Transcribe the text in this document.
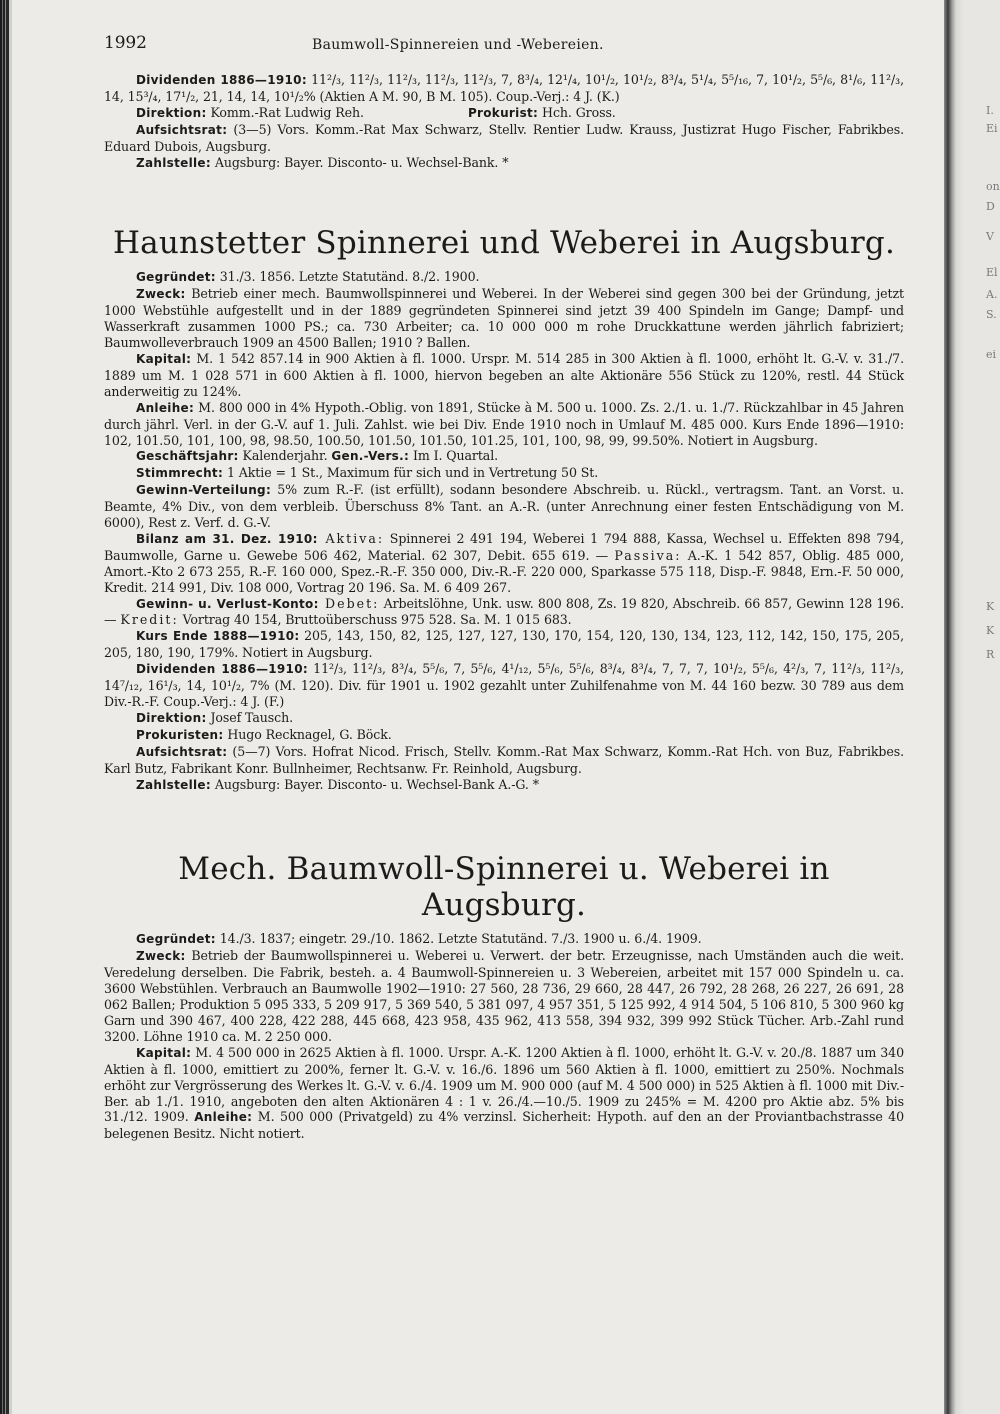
I.
Ei
on
D
V
El
A.
S.
ei
K
K
R
1992	Baumwoll-Spinnereien und -Webereien.

Dividenden 1886—1910: 11²/₃, 11²/₃, 11²/₃, 11²/₃, 11²/₃, 7, 8³/₄, 12¹/₄, 10¹/₂, 10¹/₂, 8³/₄, 5¹/₄, 5⁵/₁₆, 7, 10¹/₂, 5⁵/₆, 8¹/₆, 11²/₃, 14, 15³/₄, 17¹/₂, 21, 14, 14, 10¹/₂% (Aktien A M. 90, B M. 105). Coup.-Verj.: 4 J. (K.)

Direktion: Komm.-Rat Ludwig Reh.	Prokurist: Hch. Gross.

Aufsichtsrat: (3—5) Vors. Komm.-Rat Max Schwarz, Stellv. Rentier Ludw. Krauss, Justizrat Hugo Fischer, Fabrikbes. Eduard Dubois, Augsburg.

Zahlstelle: Augsburg: Bayer. Disconto- u. Wechsel-Bank. *

Haunstetter Spinnerei und Weberei in Augsburg.

Gegründet: 31./3. 1856. Letzte Statutänd. 8./2. 1900.

Zweck: Betrieb einer mech. Baumwollspinnerei und Weberei. In der Weberei sind gegen 300 bei der Gründung, jetzt 1000 Webstühle aufgestellt und in der 1889 gegründeten Spinnerei sind jetzt 39 400 Spindeln im Gange; Dampf- und Wasserkraft zusammen 1000 PS.; ca. 730 Arbeiter; ca. 10 000 000 m rohe Druckkattune werden jährlich fabriziert; Baumwolleverbrauch 1909 an 4500 Ballen; 1910 ? Ballen.

Kapital: M. 1 542 857.14 in 900 Aktien à fl. 1000. Urspr. M. 514 285 in 300 Aktien à fl. 1000, erhöht lt. G.-V. v. 31./7. 1889 um M. 1 028 571 in 600 Aktien à fl. 1000, hiervon begeben an alte Aktionäre 556 Stück zu 120%, restl. 44 Stück anderweitig zu 124%.

Anleihe: M. 800 000 in 4% Hypoth.-Oblig. von 1891, Stücke à M. 500 u. 1000. Zs. 2./1. u. 1./7. Rückzahlbar in 45 Jahren durch jährl. Verl. in der G.-V. auf 1. Juli. Zahlst. wie bei Div. Ende 1910 noch in Umlauf M. 485 000. Kurs Ende 1896—1910: 102, 101.50, 101, 100, 98, 98.50, 100.50, 101.50, 101.50, 101.25, 101, 100, 98, 99, 99.50%. Notiert in Augsburg.

Geschäftsjahr: Kalenderjahr. Gen.-Vers.: Im I. Quartal.

Stimmrecht: 1 Aktie = 1 St., Maximum für sich und in Vertretung 50 St.

Gewinn-Verteilung: 5% zum R.-F. (ist erfüllt), sodann besondere Abschreib. u. Rückl., vertragsm. Tant. an Vorst. u. Beamte, 4% Div., von dem verbleib. Überschuss 8% Tant. an A.-R. (unter Anrechnung einer festen Entschädigung von M. 6000), Rest z. Verf. d. G.-V.

Bilanz am 31. Dez. 1910: Aktiva: Spinnerei 2 491 194, Weberei 1 794 888, Kassa, Wechsel u. Effekten 898 794, Baumwolle, Garne u. Gewebe 506 462, Material. 62 307, Debit. 655 619. — Passiva: A.-K. 1 542 857, Oblig. 485 000, Amort.-Kto 2 673 255, R.-F. 160 000, Spez.-R.-F. 350 000, Div.-R.-F. 220 000, Sparkasse 575 118, Disp.-F. 9848, Ern.-F. 50 000, Kredit. 214 991, Div. 108 000, Vortrag 20 196. Sa. M. 6 409 267.

Gewinn- u. Verlust-Konto: Debet: Arbeitslöhne, Unk. usw. 800 808, Zs. 19 820, Abschreib. 66 857, Gewinn 128 196. — Kredit: Vortrag 40 154, Bruttoüberschuss 975 528. Sa. M. 1 015 683.

Kurs Ende 1888—1910: 205, 143, 150, 82, 125, 127, 127, 130, 170, 154, 120, 130, 134, 123, 112, 142, 150, 175, 205, 205, 180, 190, 179%. Notiert in Augsburg.

Dividenden 1886—1910: 11²/₃, 11²/₃, 8³/₄, 5⁵/₆, 7, 5⁵/₆, 4¹/₁₂, 5⁵/₆, 5⁵/₆, 8³/₄, 8³/₄, 7, 7, 7, 10¹/₂, 5⁵/₆, 4²/₃, 7, 11²/₃, 11²/₃, 14⁷/₁₂, 16¹/₃, 14, 10¹/₂, 7% (M. 120). Div. für 1901 u. 1902 gezahlt unter Zuhilfenahme von M. 44 160 bezw. 30 789 aus dem Div.-R.-F. Coup.-Verj.: 4 J. (F.)

Direktion: Josef Tausch.

Prokuristen: Hugo Recknagel, G. Böck.

Aufsichtsrat: (5—7) Vors. Hofrat Nicod. Frisch, Stellv. Komm.-Rat Max Schwarz, Komm.-Rat Hch. von Buz, Fabrikbes. Karl Butz, Fabrikant Konr. Bullnheimer, Rechtsanw. Fr. Reinhold, Augsburg.

Zahlstelle: Augsburg: Bayer. Disconto- u. Wechsel-Bank A.-G. *

Mech. Baumwoll-Spinnerei u. Weberei in Augsburg.

Gegründet: 14./3. 1837; eingetr. 29./10. 1862. Letzte Statutänd. 7./3. 1900 u. 6./4. 1909.

Zweck: Betrieb der Baumwollspinnerei u. Weberei u. Verwert. der betr. Erzeugnisse, nach Umständen auch die weit. Veredelung derselben. Die Fabrik, besteh. a. 4 Baumwoll-Spinnereien u. 3 Webereien, arbeitet mit 157 000 Spindeln u. ca. 3600 Webstühlen. Verbrauch an Baumwolle 1902—1910: 27 560, 28 736, 29 660, 28 447, 26 792, 28 268, 26 227, 26 691, 28 062 Ballen; Produktion 5 095 333, 5 209 917, 5 369 540, 5 381 097, 4 957 351, 5 125 992, 4 914 504, 5 106 810, 5 300 960 kg Garn und 390 467, 400 228, 422 288, 445 668, 423 958, 435 962, 413 558, 394 932, 399 992 Stück Tücher. Arb.-Zahl rund 3200. Löhne 1910 ca. M. 2 250 000.

Kapital: M. 4 500 000 in 2625 Aktien à fl. 1000. Urspr. A.-K. 1200 Aktien à fl. 1000, erhöht lt. G.-V. v. 20./8. 1887 um 340 Aktien à fl. 1000, emittiert zu 200%, ferner lt. G.-V. v. 16./6. 1896 um 560 Aktien à fl. 1000, emittiert zu 250%. Nochmals erhöht zur Vergrösserung des Werkes lt. G.-V. v. 6./4. 1909 um M. 900 000 (auf M. 4 500 000) in 525 Aktien à fl. 1000 mit Div.-Ber. ab 1./1. 1910, angeboten den alten Aktionären 4 : 1 v. 26./4.—10./5. 1909 zu 245% = M. 4200 pro Aktie abz. 5% bis 31./12. 1909. Anleihe: M. 500 000 (Privatgeld) zu 4% verzinsl. Sicherheit: Hypoth. auf den an der Proviantbachstrasse 40 belegenen Besitz. Nicht notiert.
